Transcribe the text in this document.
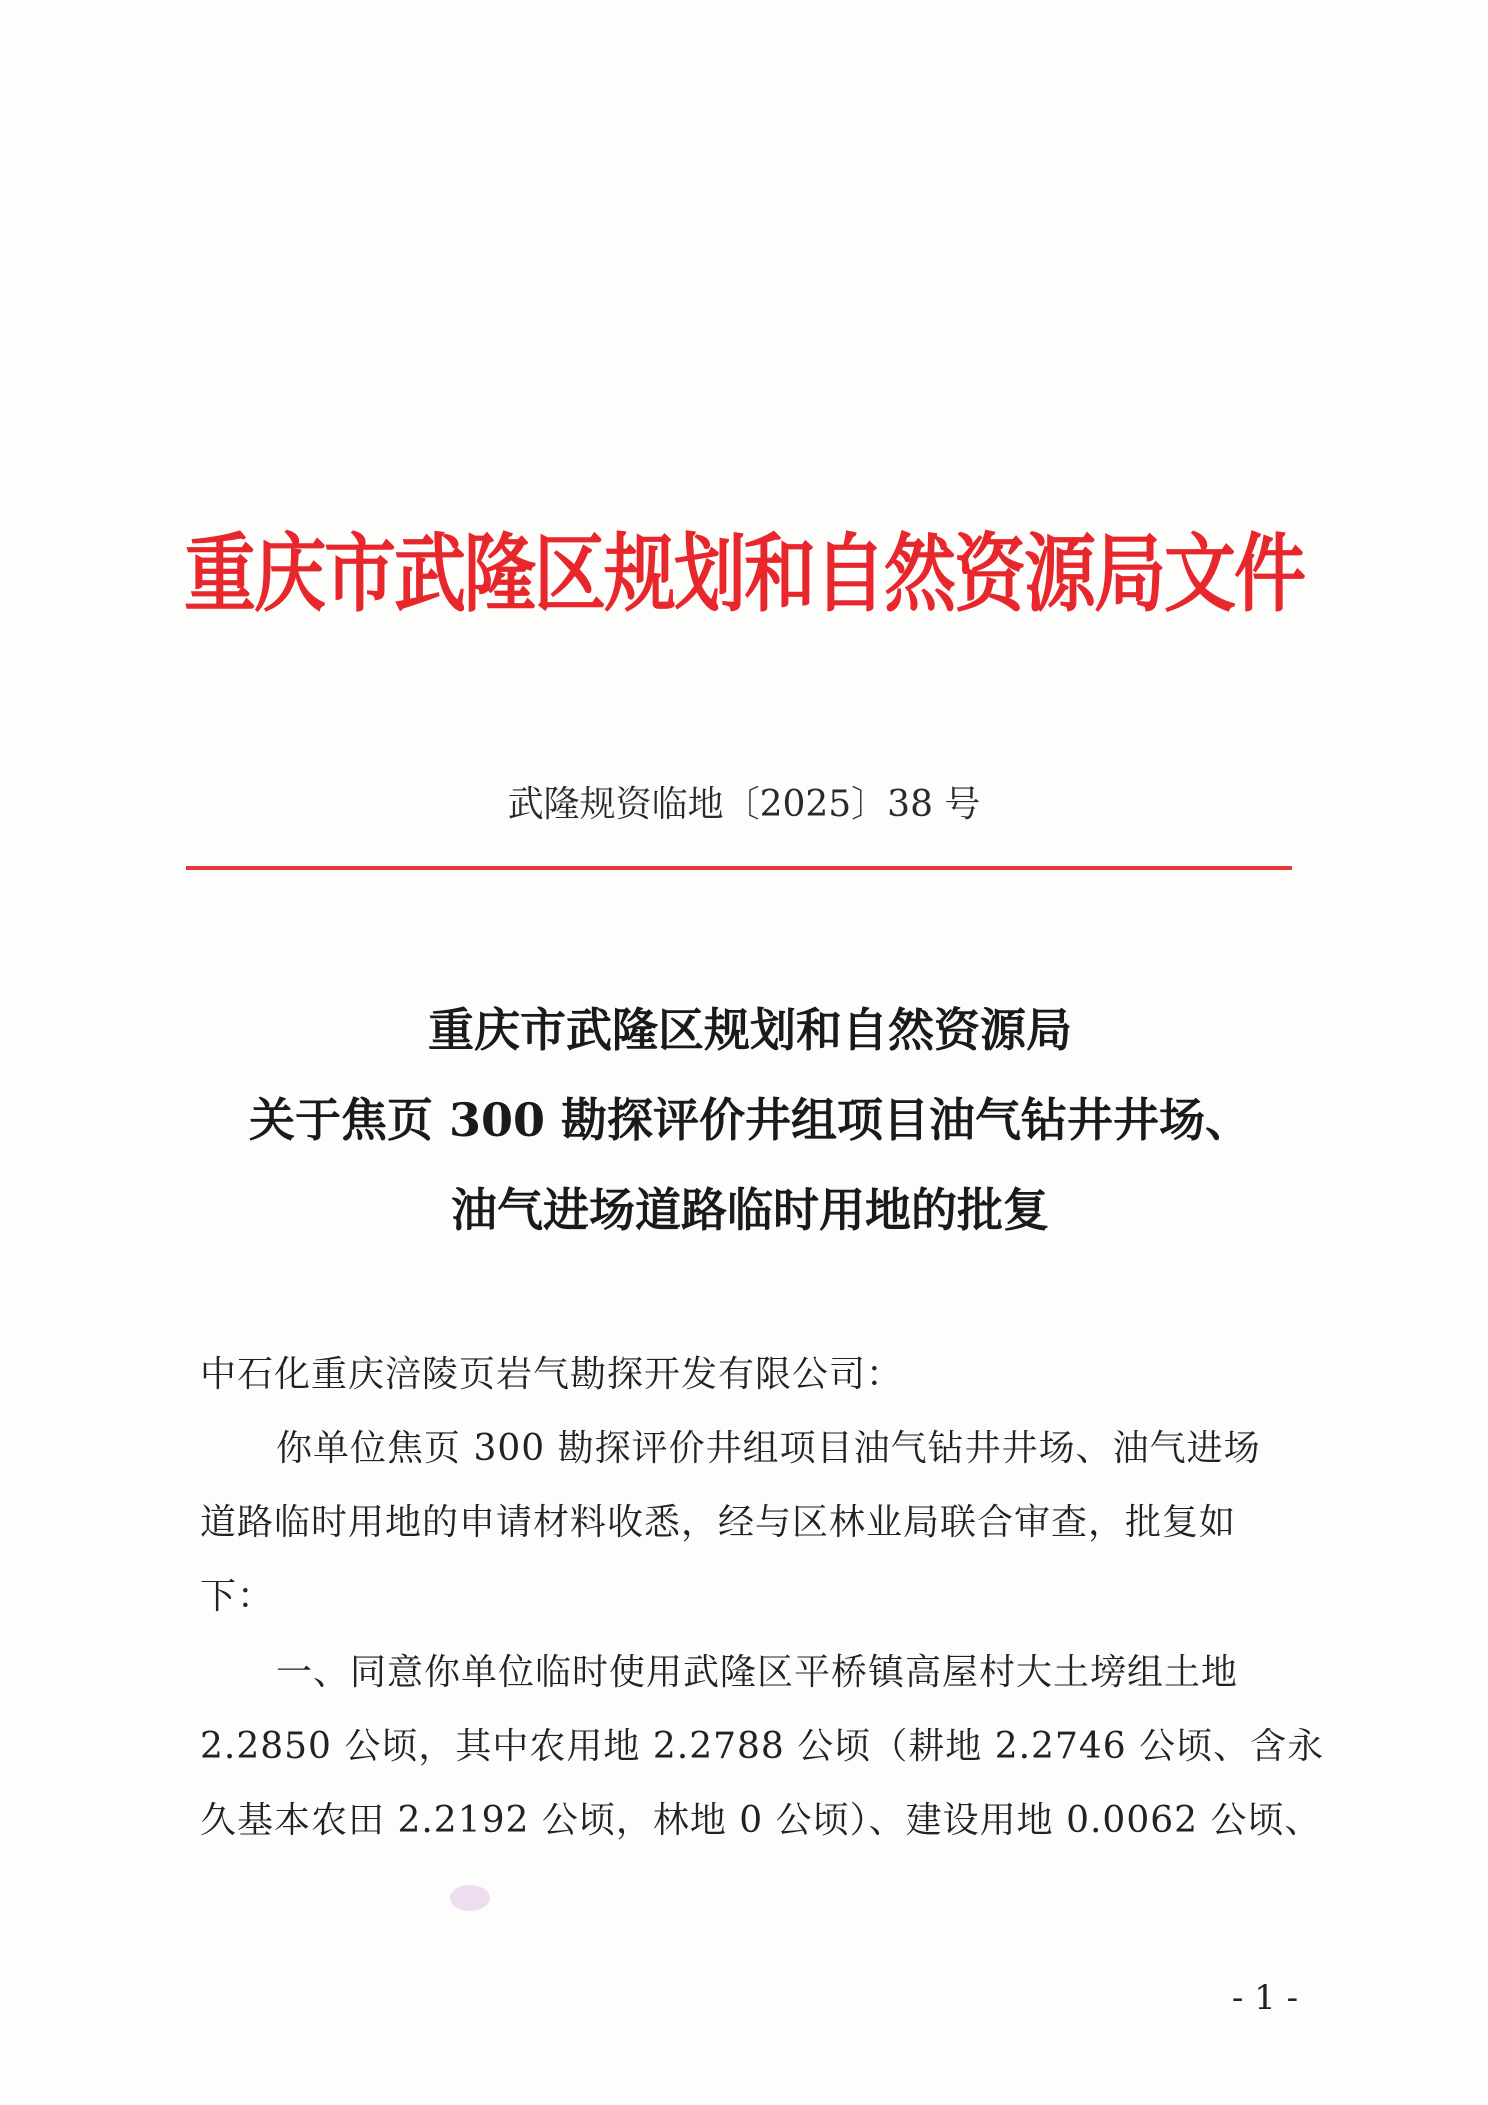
重庆市武隆区规划和自然资源局文件
武隆规资临地〔2025〕38 号
重庆市武隆区规划和自然资源局
关于焦页 300 勘探评价井组项目油气钻井井场、
油气进场道路临时用地的批复
中石化重庆涪陵页岩气勘探开发有限公司：
你单位焦页 300 勘探评价井组项目油气钻井井场、油气进场
道路临时用地的申请材料收悉，经与区林业局联合审查，批复如
下：
一、同意你单位临时使用武隆区平桥镇高屋村大土塝组土地
2.2850 公顷，其中农用地 2.2788 公顷（耕地 2.2746 公顷、含永
久基本农田 2.2192 公顷，林地 0 公顷）、建设用地 0.0062 公顷、
- 1 -
